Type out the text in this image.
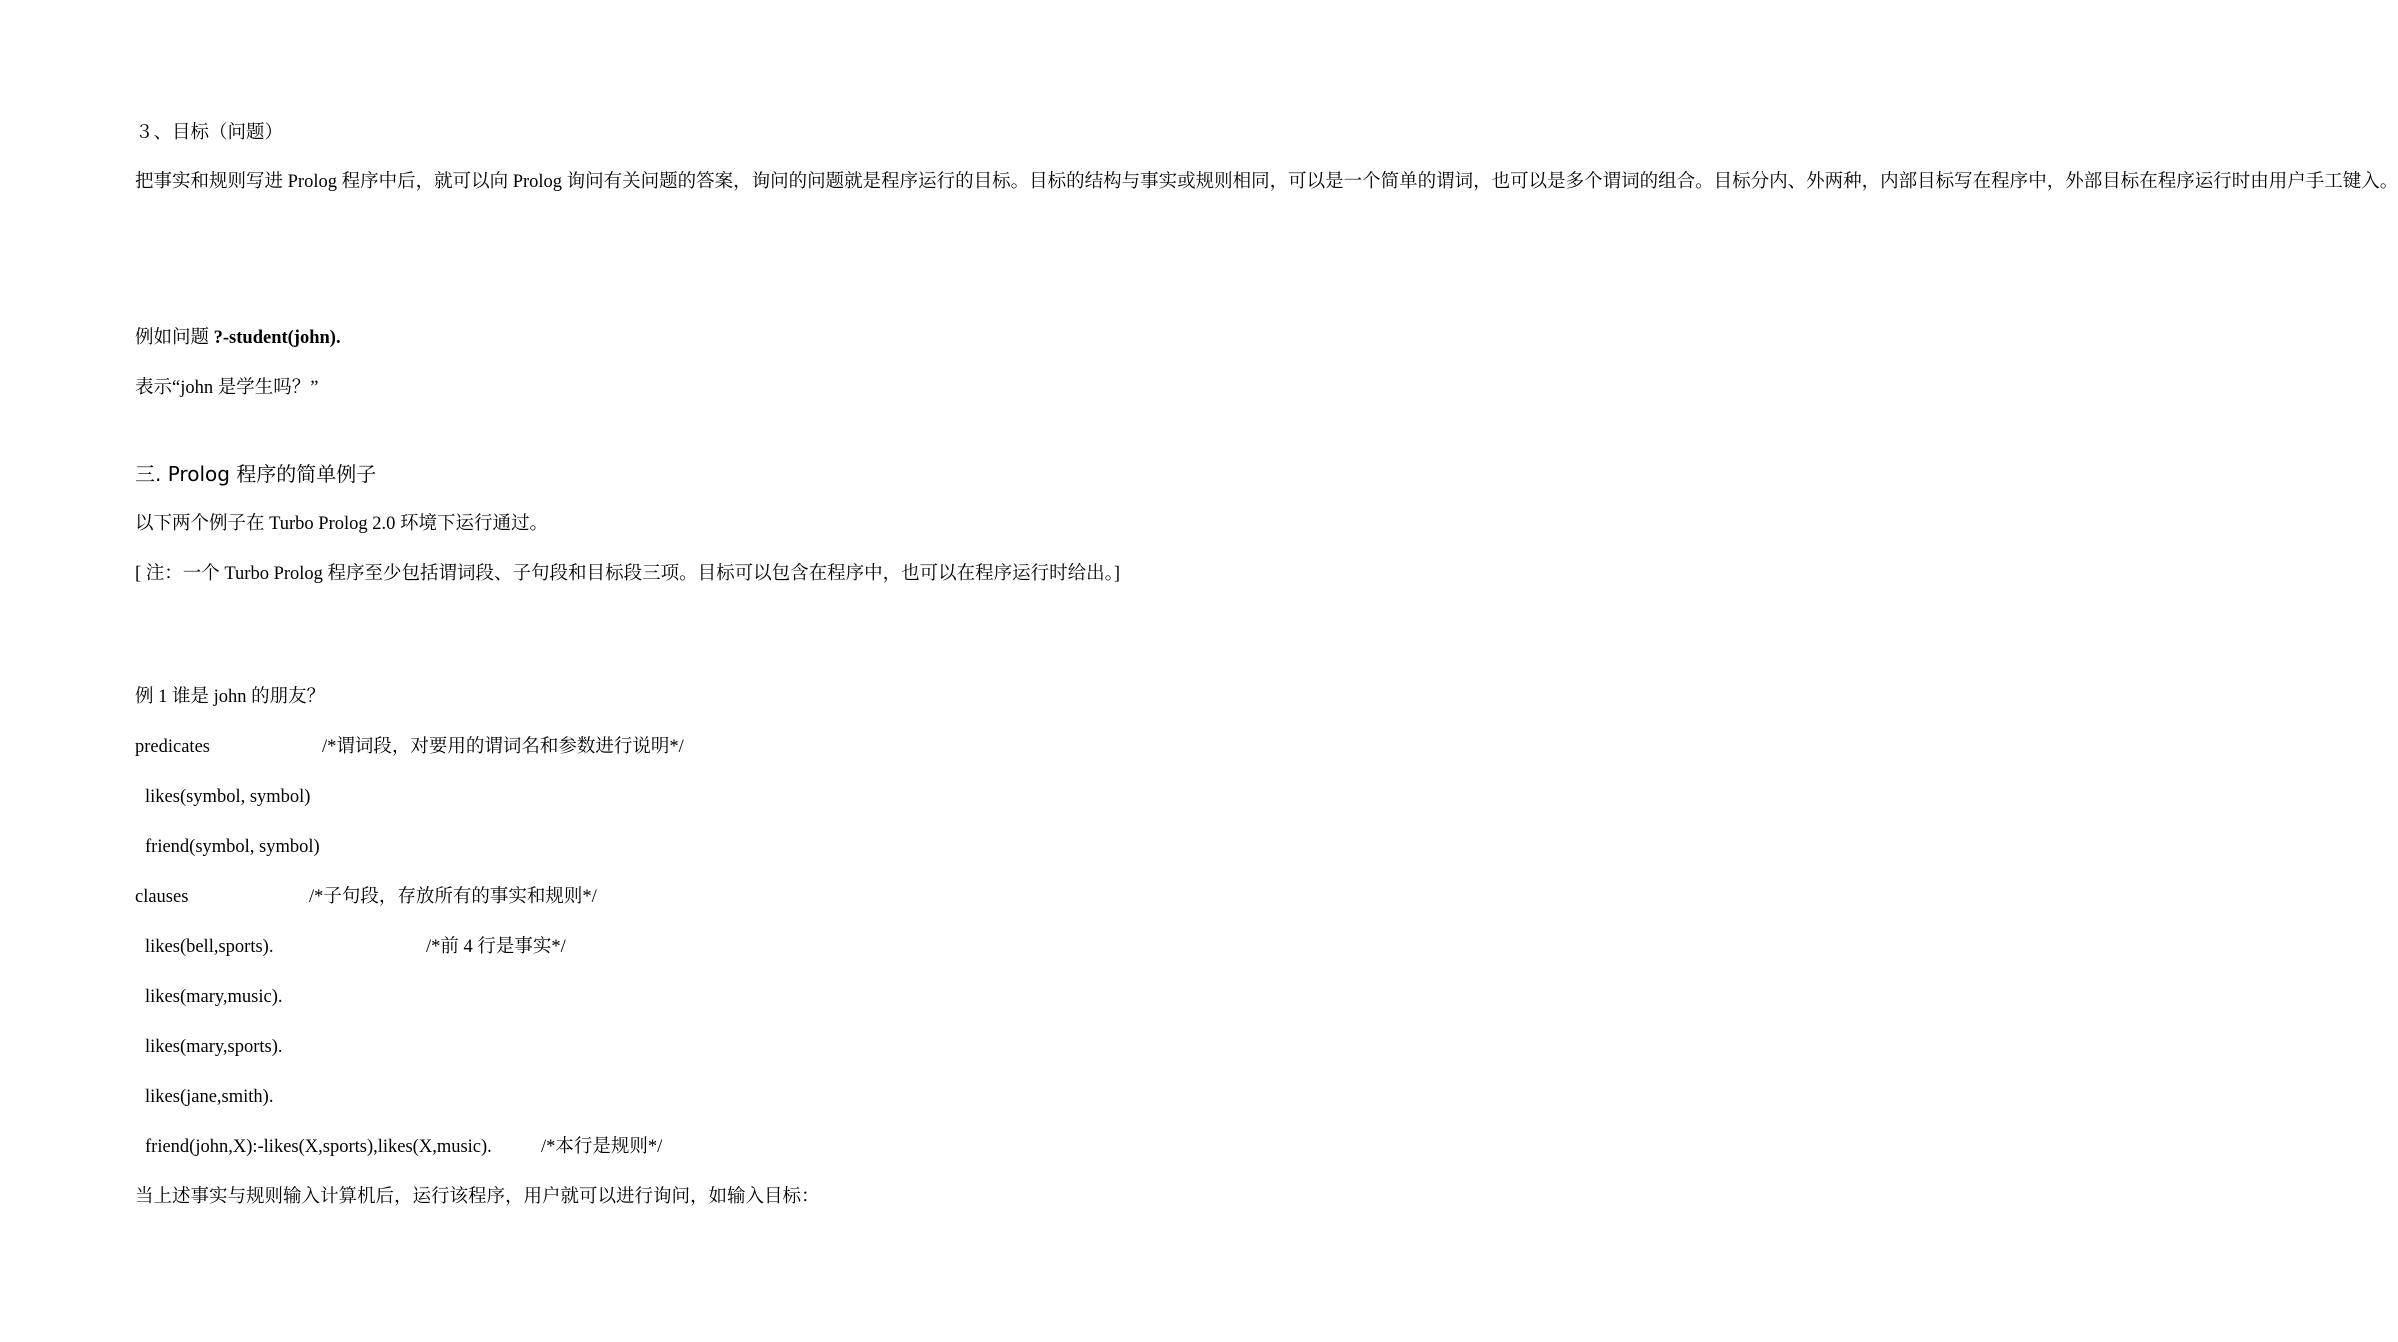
３、目标（问题）

把事实和规则写进 Prolog 程序中后，就可以向 Prolog 询问有关问题的答案，询问的问题就是程序运行的目标。目标的结构与事实或规则相同，可以是一个简单的谓词，也可以是多个谓词的组合。目标分内、外两种，内部目标写在程序中，外部目标在程序运行时由用户手工键入。

例如问题 ?-student(john).
表示“john 是学生吗？”
三. Prolog 程序的简单例子
以下两个例子在 Turbo Prolog 2.0 环境下运行通过。

[ 注：一个 Turbo Prolog 程序至少包括谓词段、子句段和目标段三项。目标可以包含在程序中，也可以在程序运行时给出。]

例 1 谁是 john 的朋友？
predicates	/*谓词段，对要用的谓词名和参数进行说明*/
likes(symbol, symbol)
friend(symbol, symbol)
clauses	/*子句段，存放所有的事实和规则*/
likes(bell,sports).	/*前 4 行是事实*/
likes(mary,music).
likes(mary,sports).
likes(jane,smith).
friend(john,X):-likes(X,sports),likes(X,music).	/*本行是规则*/
当上述事实与规则输入计算机后，运行该程序，用户就可以进行询问，如输入目标：
